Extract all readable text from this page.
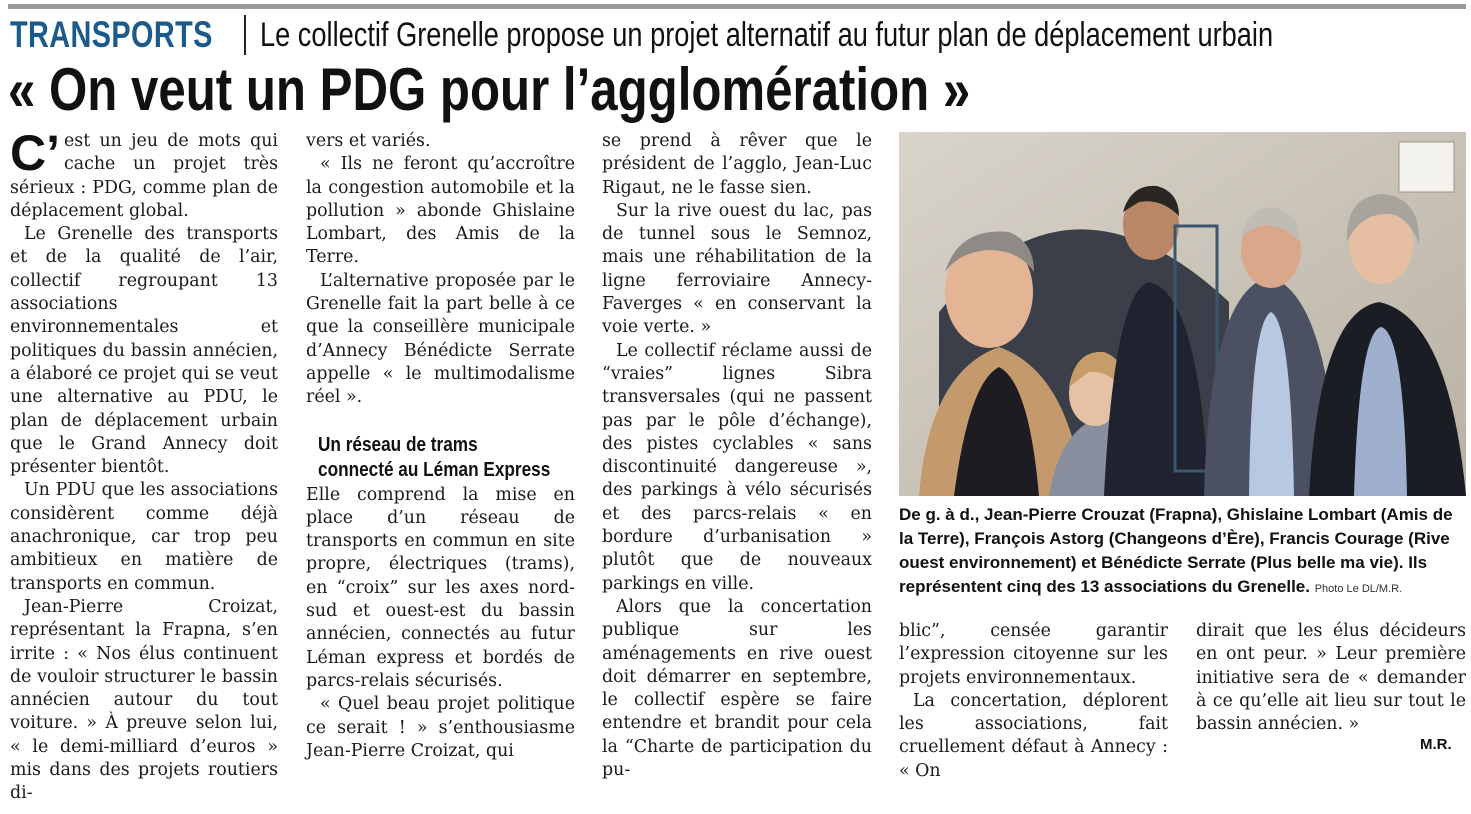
TRANSPORTS Le collectif Grenelle propose un projet alternatif au futur plan de déplacement urbain
« On veut un PDG pour l’agglomération »

C’ est un jeu de mots qui cache un projet très sérieux : PDG, comme plan de déplacement global.

Le Grenelle des transports et de la qualité de l’air, collectif regroupant 13 associations environnementales et politiques du bassin annécien, a élaboré ce projet qui se veut une alternative au PDU, le plan de déplacement urbain que le Grand Annecy doit présenter bientôt.

Un PDU que les associations considèrent comme déjà anachronique, car trop peu ambitieux en matière de transports en commun.

Jean-Pierre Croizat, représentant la Frapna, s’en irrite : « Nos élus continuent de vouloir structurer le bassin annécien autour du tout voiture. » À preuve selon lui, « le demi-milliard d’euros » mis dans des projets routiers di-

vers et variés.

« Ils ne feront qu’accroître la congestion automobile et la pollution » abonde Ghislaine Lombart, des Amis de la Terre.

L’alternative proposée par le Grenelle fait la part belle à ce que la conseillère municipale d’Annecy Bénédicte Serrate appelle « le multimodalisme réel ».

Un réseau de trams
connecté au Léman Express

Elle comprend la mise en place d’un réseau de transports en commun en site propre, électriques (trams), en “croix” sur les axes nord-sud et ouest-est du bassin annécien, connectés au futur Léman express et bordés de parcs-relais sécurisés.

« Quel beau projet politique ce serait ! » s’enthousiasme Jean-Pierre Croizat, qui

se prend à rêver que le président de l’agglo, Jean-Luc Rigaut, ne le fasse sien.

Sur la rive ouest du lac, pas de tunnel sous le Semnoz, mais une réhabilitation de la ligne ferroviaire Annecy-Faverges « en conservant la voie verte. »

Le collectif réclame aussi de “vraies” lignes Sibra transversales (qui ne passent pas par le pôle d’échange), des pistes cyclables « sans discontinuité dangereuse », des parkings à vélo sécurisés et des parcs-relais « en bordure d’urbanisation » plutôt que de nouveaux parkings en ville.

Alors que la concertation publique sur les aménagements en rive ouest doit démarrer en septembre, le collectif espère se faire entendre et brandit pour cela la “Charte de participation du pu-

De g. à d., Jean-Pierre Crouzat (Frapna), Ghislaine Lombart (Amis de la Terre), François Astorg (Changeons d’Ère), Francis Courage (Rive ouest environnement) et Bénédicte Serrate (Plus belle ma vie). Ils représentent cinq des 13 associations du Grenelle. Photo Le DL/M.R.

blic”, censée garantir l’expression citoyenne sur les projets environnementaux.

La concertation, déplorent les associations, fait cruellement défaut à Annecy : « On

dirait que les élus décideurs en ont peur. » Leur première initiative sera de « demander à ce qu’elle ait lieu sur tout le bassin annécien. »

M.R.
